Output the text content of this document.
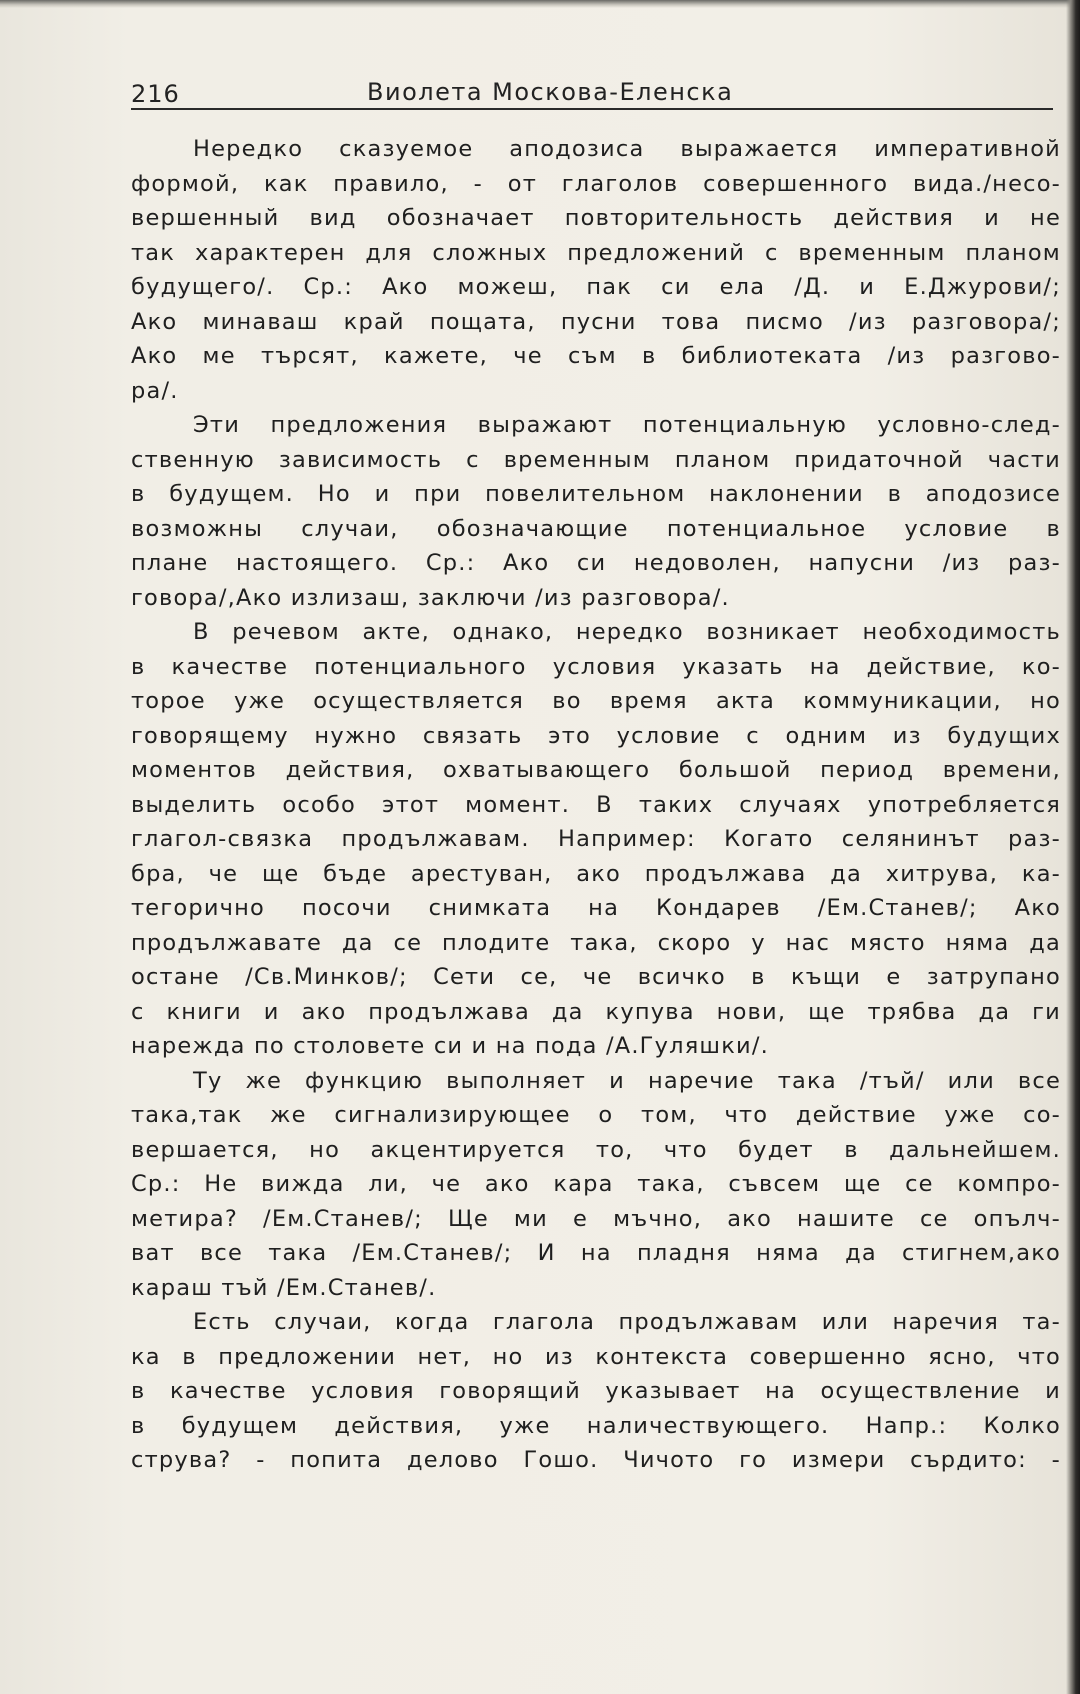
216	Виолета Москова-Еленска
Нередко сказуемое аподозиса выражается императивной
формой, как правило, - от глаголов совершенного вида./несо-
вершенный вид обозначает повторительность действия и не
так характерен для сложных предложений с временным планом
будущего/. Ср.: Ако можеш, пак си ела /Д. и Е.Джурови/;
Ако минаваш край пощата, пусни това писмо /из разговора/;
Ако ме търсят, кажете, че съм в библиотеката /из разгово-
ра/.
Эти предложения выражают потенциальную условно-след-
ственную зависимость с временным планом придаточной части
в будущем. Но и при повелительном наклонении в аподозисе
возможны случаи, обозначающие потенциальное условие в
плане настоящего. Ср.: Ако си недоволен, напусни /из раз-
говора/,Ако излизаш, заключи /из разговора/.
В речевом акте, однако, нередко возникает необходимость
в качестве потенциального условия указать на действие, ко-
торое уже осуществляется во время акта коммуникации, но
говорящему нужно связать это условие с одним из будущих
моментов действия, охватывающего большой период времени,
выделить особо этот момент. В таких случаях употребляется
глагол-связка продължавам. Например: Когато селянинът раз-
бра, че ще бъде арестуван, ако продължава да хитрува, ка-
тегорично посочи снимката на Кондарев /Ем.Станев/; Ако
продължавате да се плодите така, скоро у нас място няма да
остане /Св.Минков/; Сети се, че всичко в къщи е затрупано
с книги и ако продължава да купува нови, ще трябва да ги
нарежда по столовете си и на пода /А.Гуляшки/.
Ту же функцию выполняет и наречие така /тъй/ или все
така,так же сигнализирующее о том, что действие уже со-
вершается, но акцентируется то, что будет в дальнейшем.
Ср.: Не виждa ли, че ако кара така, съвсем ще се компро-
метира? /Ем.Станев/; Ще ми е мъчно, ако нашите се опълч-
ват все така /Ем.Станев/; И на пладня няма да стигнем,ако
караш тъй /Ем.Станев/.
Есть случаи, когда глагола продължавам или наречия та-
ка в предложении нет, но из контекста совершенно ясно, что
в качестве условия говорящий указывает на осуществление и
в будущем действия, уже наличествующего. Напр.: Колко
струва? - попита делово Гошо. Чичото го измери сърдито: -
